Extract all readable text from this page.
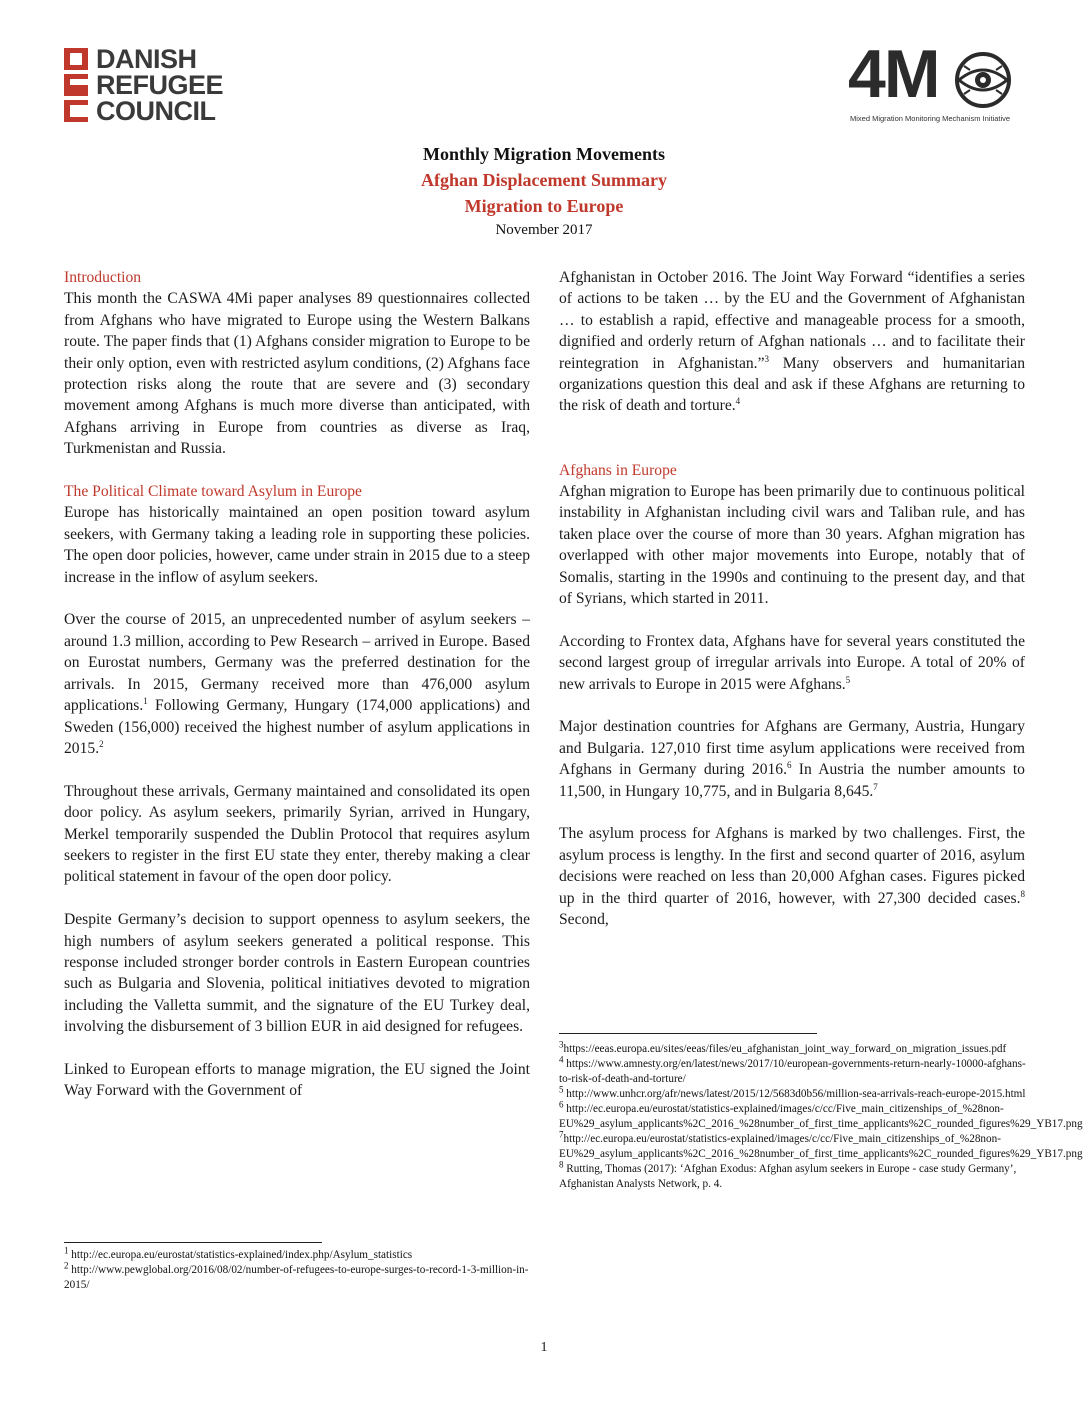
DANISH
REFUGEE
COUNCIL	4M
Mixed Migration Monitoring Mechanism Initiative
Monthly Migration Movements
Afghan Displacement Summary
Migration to Europe
November 2017
Introduction

This month the CASWA 4Mi paper analyses 89 questionnaires collected from Afghans who have migrated to Europe using the Western Balkans route. The paper finds that (1) Afghans consider migration to Europe to be their only option, even with restricted asylum conditions, (2) Afghans face protection risks along the route that are severe and (3) secondary movement among Afghans is much more diverse than anticipated, with Afghans arriving in Europe from countries as diverse as Iraq, Turkmenistan and Russia.

The Political Climate toward Asylum in Europe

Europe has historically maintained an open position toward asylum seekers, with Germany taking a leading role in supporting these policies. The open door policies, however, came under strain in 2015 due to a steep increase in the inflow of asylum seekers.

Over the course of 2015, an unprecedented number of asylum seekers – around 1.3 million, according to Pew Research – arrived in Europe. Based on Eurostat numbers, Germany was the preferred destination for the arrivals. In 2015, Germany received more than 476,000 asylum applications.$^1$ Following Germany, Hungary (174,000 applications) and Sweden (156,000) received the highest number of asylum applications in 2015.$^2$

Throughout these arrivals, Germany maintained and consolidated its open door policy. As asylum seekers, primarily Syrian, arrived in Hungary, Merkel temporarily suspended the Dublin Protocol that requires asylum seekers to register in the first EU state they enter, thereby making a clear political statement in favour of the open door policy.

Despite Germany’s decision to support openness to asylum seekers, the high numbers of asylum seekers generated a political response. This response included stronger border controls in Eastern European countries such as Bulgaria and Slovenia, political initiatives devoted to migration including the Valletta summit, and the signature of the EU Turkey deal, involving the disbursement of 3 billion EUR in aid designed for refugees.

Linked to European efforts to manage migration, the EU signed the Joint Way Forward with the Government of

$^1$ http://ec.europa.eu/eurostat/statistics-explained/index.php/Asylum_statistics

$^2$ http://www.pewglobal.org/2016/08/02/number-of-refugees-to-europe-surges-to-record-1-3-million-in-2015/

Afghanistan in October 2016. The Joint Way Forward “identifies a series of actions to be taken … by the EU and the Government of Afghanistan … to establish a rapid, effective and manageable process for a smooth, dignified and orderly return of Afghan nationals … and to facilitate their reintegration in Afghanistan.”$^3$ Many observers and humanitarian organizations question this deal and ask if these Afghans are returning to the risk of death and torture.$^4$

Afghans in Europe

Afghan migration to Europe has been primarily due to continuous political instability in Afghanistan including civil wars and Taliban rule, and has taken place over the course of more than 30 years. Afghan migration has overlapped with other major movements into Europe, notably that of Somalis, starting in the 1990s and continuing to the present day, and that of Syrians, which started in 2011.

According to Frontex data, Afghans have for several years constituted the second largest group of irregular arrivals into Europe. A total of 20% of new arrivals to Europe in 2015 were Afghans.$^5$

Major destination countries for Afghans are Germany, Austria, Hungary and Bulgaria. 127,010 first time asylum applications were received from Afghans in Germany during 2016.$^6$ In Austria the number amounts to 11,500, in Hungary 10,775, and in Bulgaria 8,645.$^7$

The asylum process for Afghans is marked by two challenges. First, the asylum process is lengthy. In the first and second quarter of 2016, asylum decisions were reached on less than 20,000 Afghan cases. Figures picked up in the third quarter of 2016, however, with 27,300 decided cases.$^8$ Second,

$^3$https://eeas.europa.eu/sites/eeas/files/eu_afghanistan_joint_way_forward_on_migration_issues.pdf

$^4$ https://www.amnesty.org/en/latest/news/2017/10/european-governments-return-nearly-10000-afghans-to-risk-of-death-and-torture/

$^5$ http://www.unhcr.org/afr/news/latest/2015/12/5683d0b56/million-sea-arrivals-reach-europe-2015.html

$^6$ http://ec.europa.eu/eurostat/statistics-explained/images/c/cc/Five_main_citizenships_of_%28non-EU%29_asylum_applicants%2C_2016_%28number_of_first_time_applicants%2C_rounded_figures%29_YB17.png

$^7$http://ec.europa.eu/eurostat/statistics-explained/images/c/cc/Five_main_citizenships_of_%28non-EU%29_asylum_applicants%2C_2016_%28number_of_first_time_applicants%2C_rounded_figures%29_YB17.png

$^8$ Rutting, Thomas (2017): ‘Afghan Exodus: Afghan asylum seekers in Europe - case study Germany’, Afghanistan Analysts Network, p. 4.

1
